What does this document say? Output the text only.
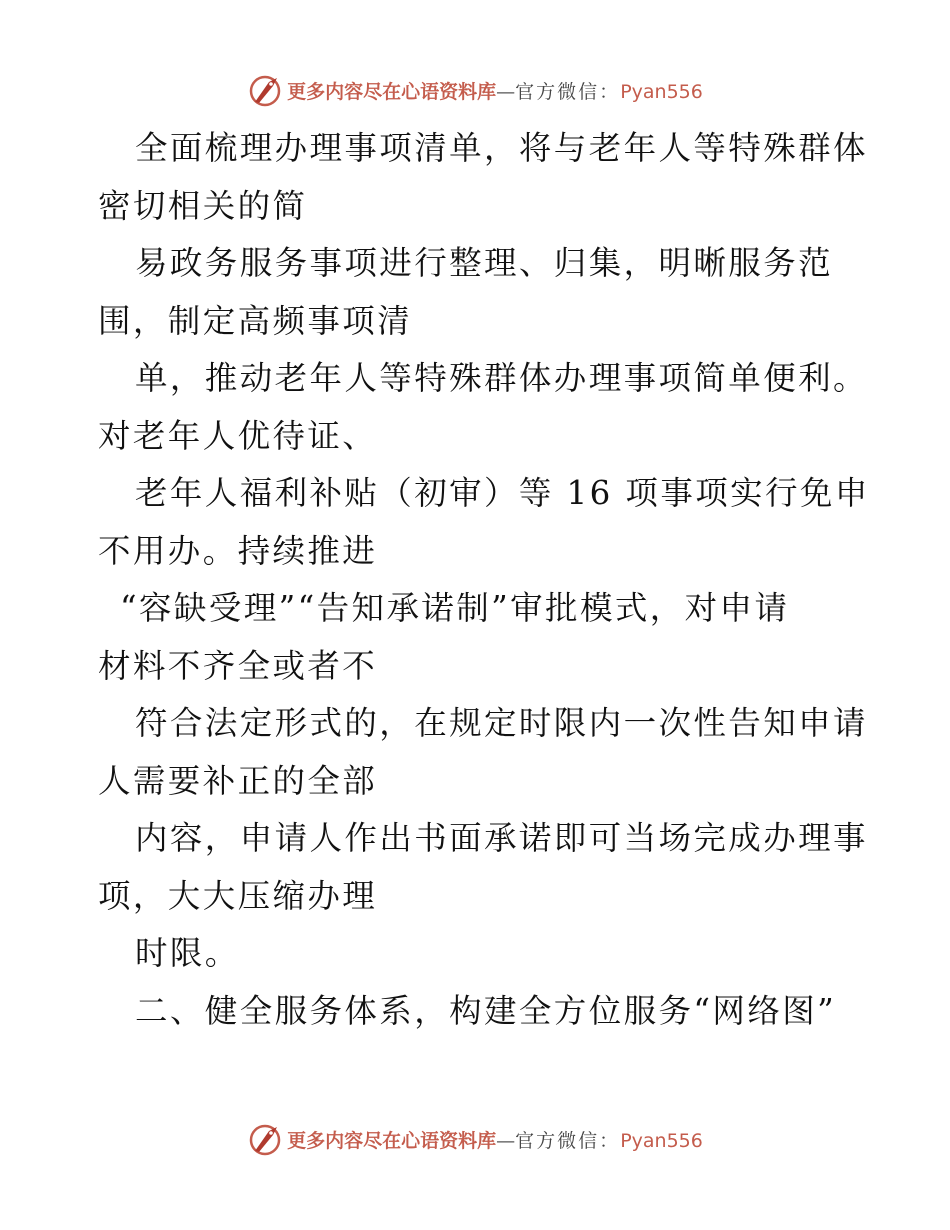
更多内容尽在心语资料库—官方微信：Pyan556
全面梳理办理事项清单，将与老年人等特殊群体
密切相关的简
易政务服务事项进行整理、归集，明晰服务范
围，制定高频事项清
单，推动老年人等特殊群体办理事项简单便利。
对老年人优待证、
老年人福利补贴（初审）等 16 项事项实行免申
不用办。持续推进
“容缺受理”“告知承诺制”审批模式，对申请
材料不齐全或者不
符合法定形式的，在规定时限内一次性告知申请
人需要补正的全部
内容，申请人作出书面承诺即可当场完成办理事
项，大大压缩办理
时限。
二、健全服务体系，构建全方位服务“网络图”
更多内容尽在心语资料库—官方微信：Pyan556
